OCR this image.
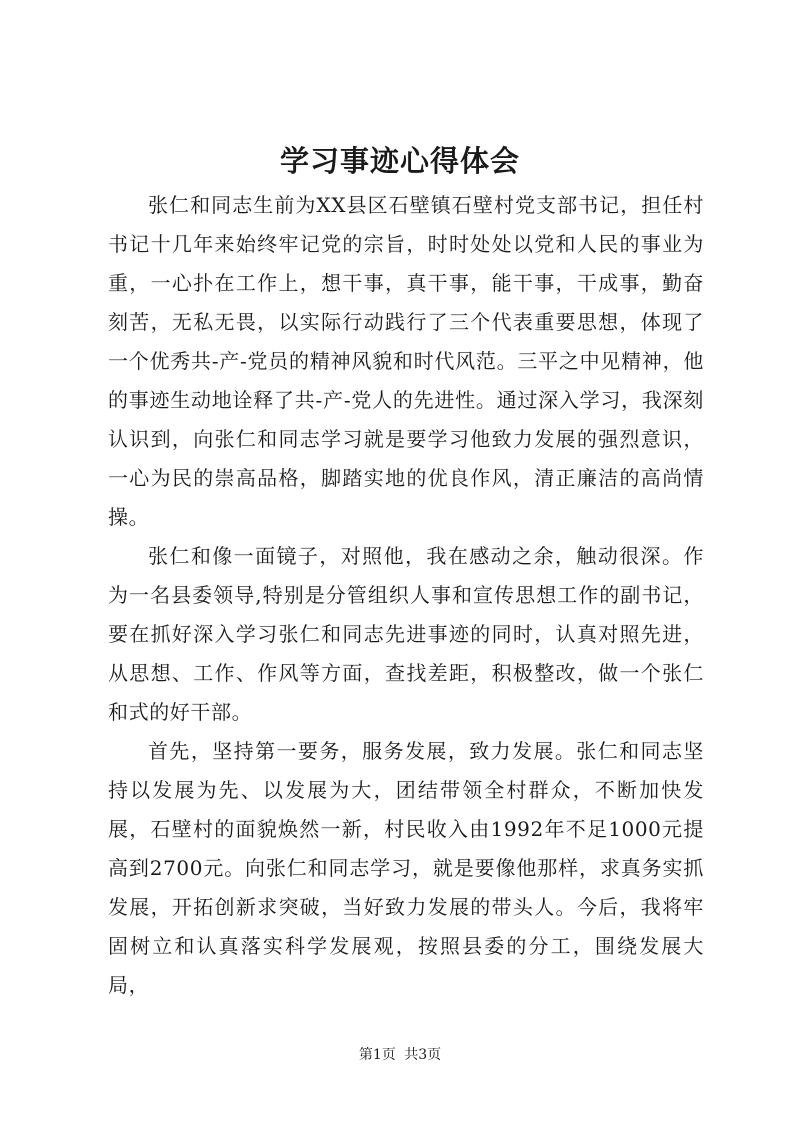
学习事迹心得体会

张仁和同志生前为XX县区石壁镇石壁村党支部书记，担任村书记十几年来始终牢记党的宗旨，时时处处以党和人民的事业为重，一心扑在工作上，想干事，真干事，能干事，干成事，勤奋刻苦，无私无畏，以实际行动践行了三个代表重要思想，体现了一个优秀共-产-党员的精神风貌和时代风范。三平之中见精神，他的事迹生动地诠释了共-产-党人的先进性。通过深入学习，我深刻认识到，向张仁和同志学习就是要学习他致力发展的强烈意识，一心为民的崇高品格，脚踏实地的优良作风，清正廉洁的高尚情操。

张仁和像一面镜子，对照他，我在感动之余，触动很深。作为一名县委领导,特别是分管组织人事和宣传思想工作的副书记，要在抓好深入学习张仁和同志先进事迹的同时，认真对照先进，从思想、工作、作风等方面，查找差距，积极整改，做一个张仁和式的好干部。

首先，坚持第一要务，服务发展，致力发展。张仁和同志坚持以发展为先、以发展为大，团结带领全村群众，不断加快发展，石壁村的面貌焕然一新，村民收入由1992年不足1000元提高到2700元。向张仁和同志学习，就是要像他那样，求真务实抓发展，开拓创新求突破，当好致力发展的带头人。今后，我将牢固树立和认真落实科学发展观，按照县委的分工，围绕发展大局，

第1页 共3页
